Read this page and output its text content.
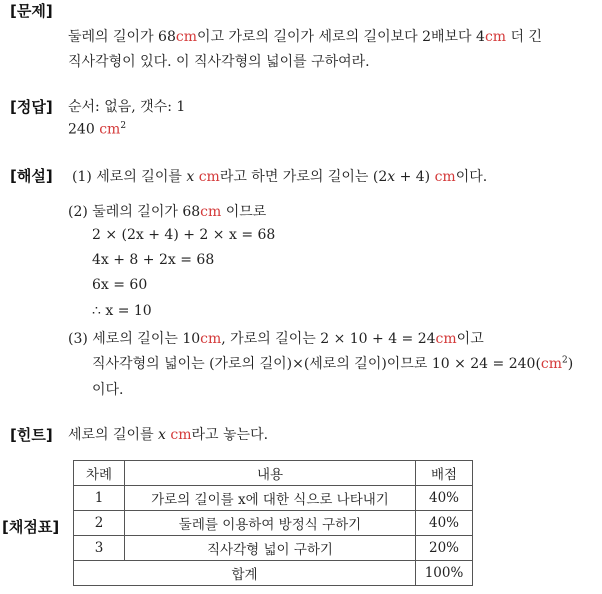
[문제]
둘레의 길이가 68cm이고 가로의 길이가 세로의 길이보다 2배보다 4cm 더 긴
직사각형이 있다. 이 직사각형의 넓이를 구하여라.
[정답] 순서: 없음, 갯수: 1
240 $cm^2$
[해설] (1) 세로의 길이를 x cm라고 하면 가로의 길이는 (2x + 4) cm이다.
(2) 둘레의 길이가 68cm 이므로
2 × (2x + 4) + 2 × x = 68
4x + 8 + 2x = 68
6x = 60
∴ x = 10
(3) 세로의 길이는 10cm, 가로의 길이는 2 × 10 + 4 = 24cm이고
직사각형의 넓이는 (가로의 길이)×(세로의 길이)이므로 $10 \times 24 = 240(cm^2)$
이다.
[힌트] 세로의 길이를 x cm라고 놓는다.
[채점표]
차례	내용	배점
1	가로의 길이를 x에 대한 식으로 나타내기	40%
2	둘레를 이용하여 방정식 구하기	40%
3	직사각형 넓이 구하기	20%
합계		100%
